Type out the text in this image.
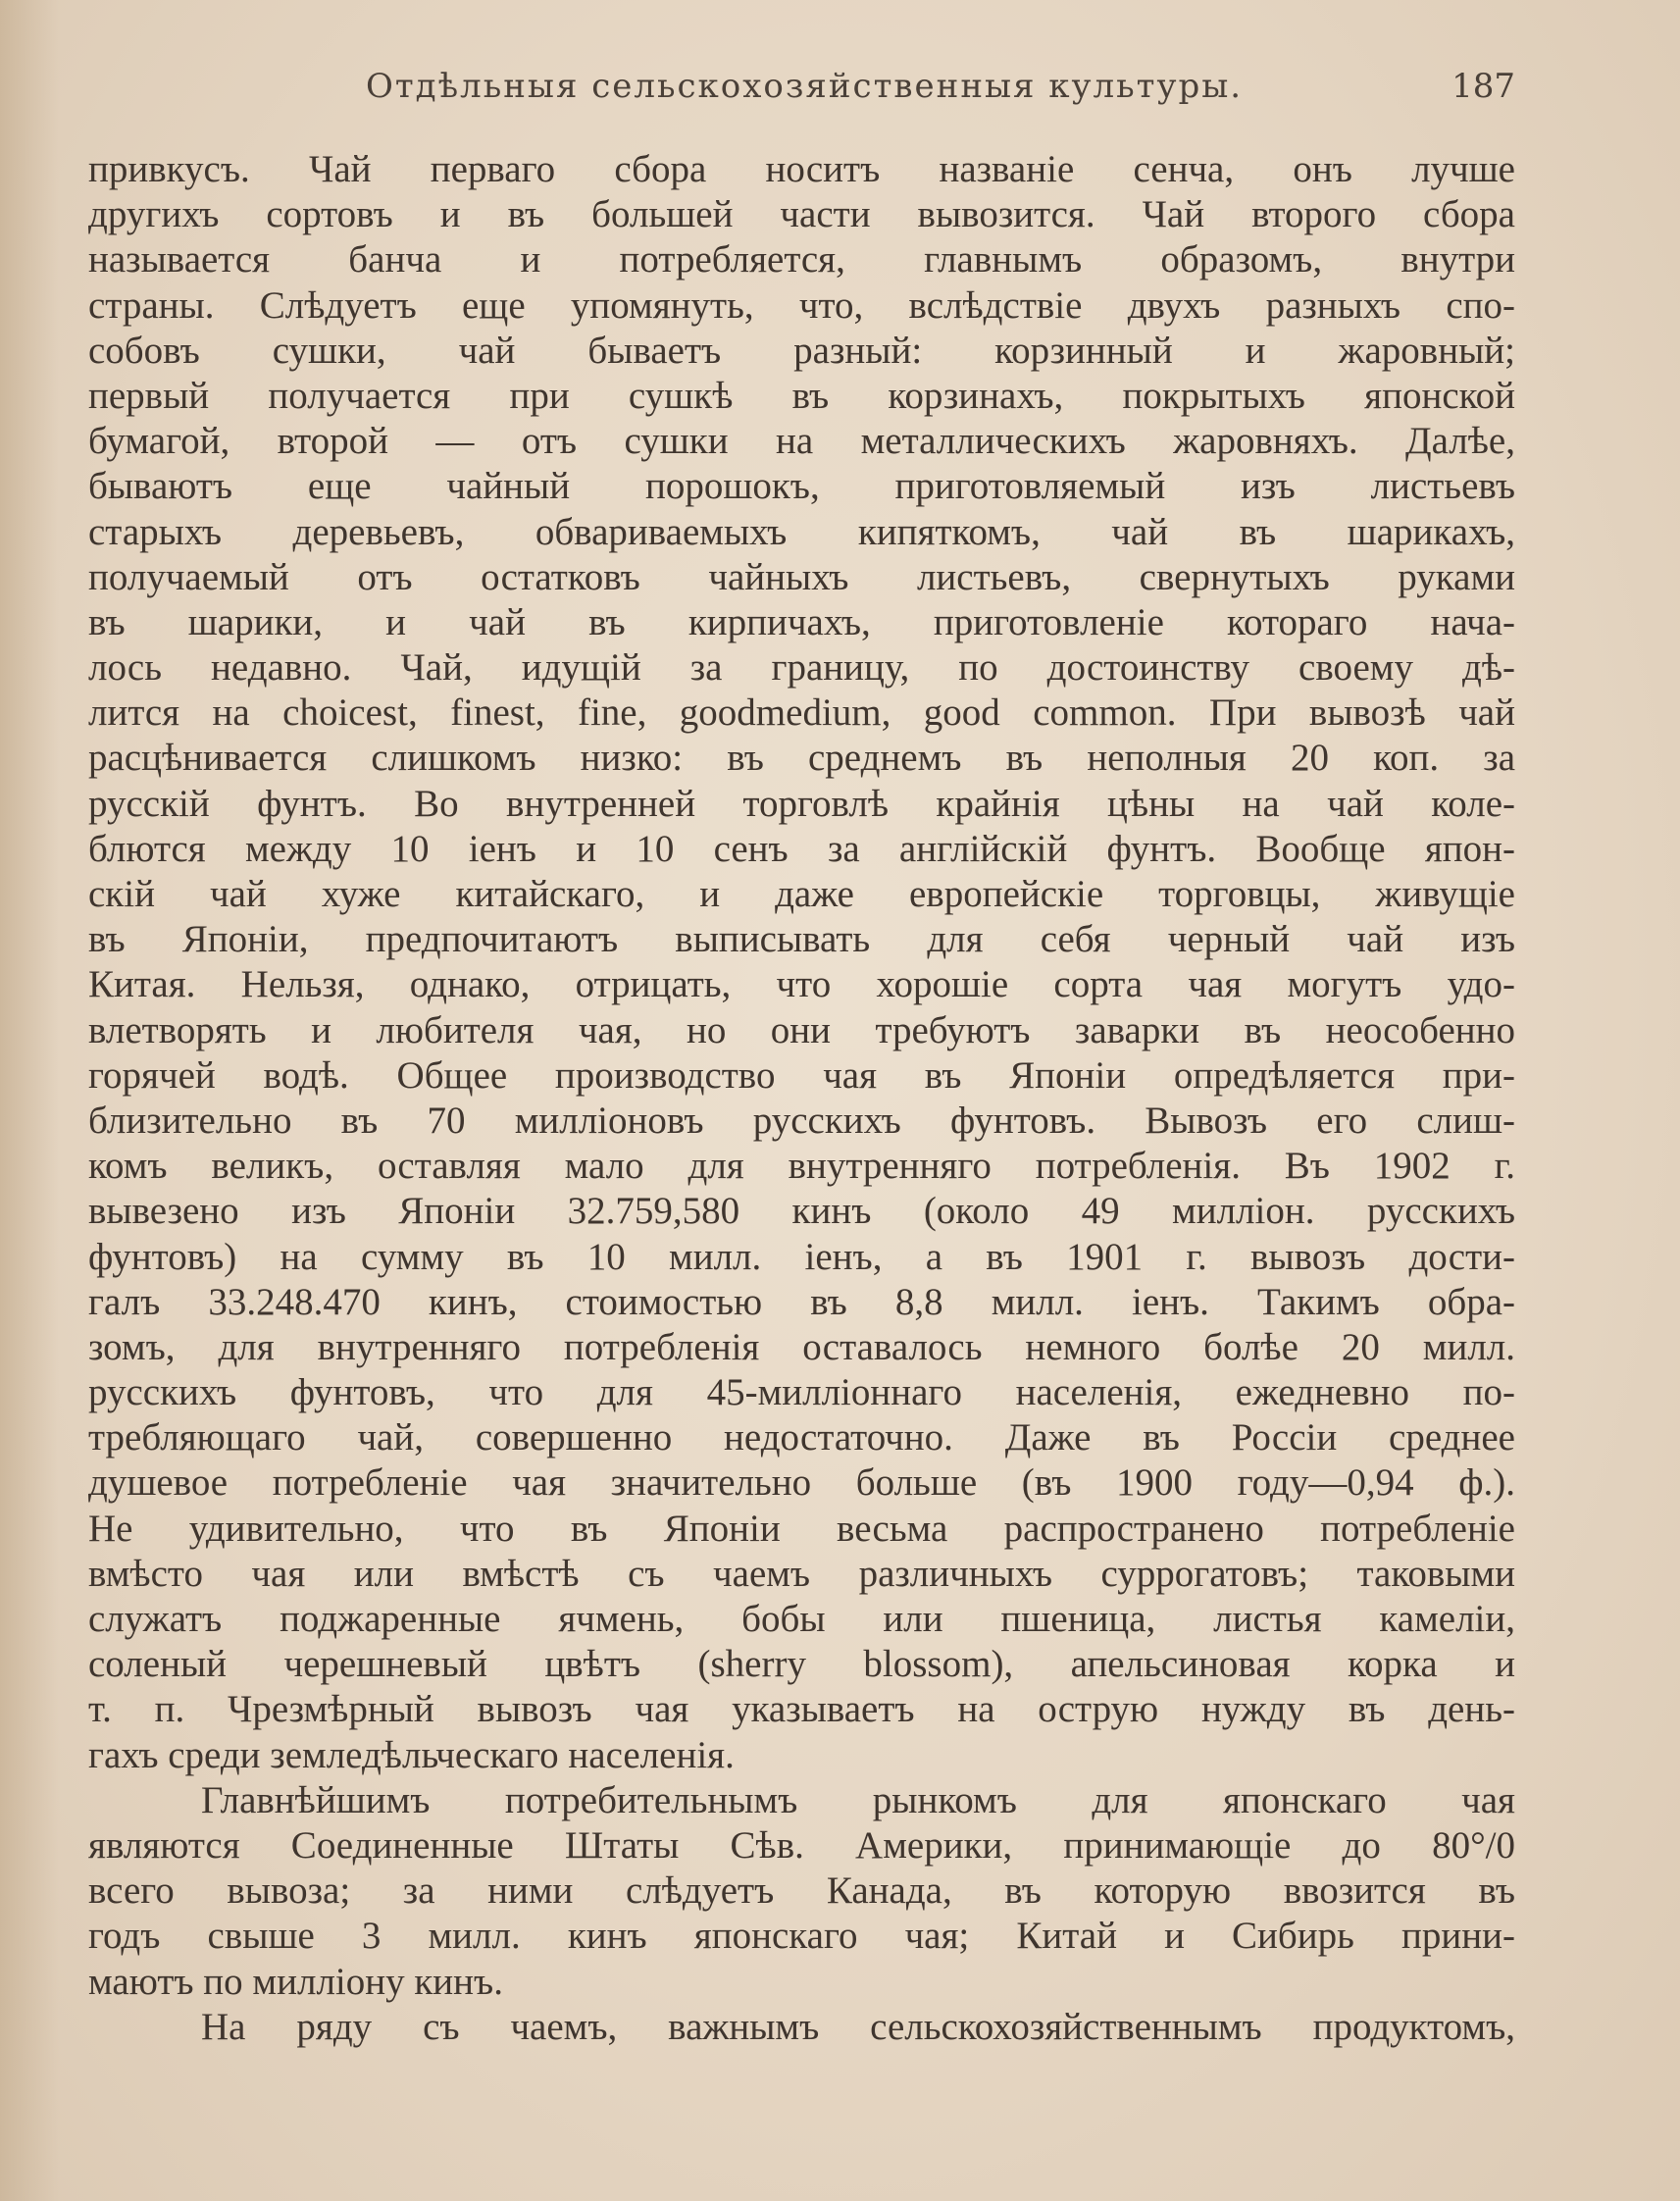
Отдѣльныя сельскохозяйственныя культуры.	187
привкусъ. Чай перваго сбора носитъ названіе сенча, онъ лучше
другихъ сортовъ и въ большей части вывозится. Чай второго сбора
называется банча и потребляется, главнымъ образомъ, внутри
страны. Слѣдуетъ еще упомянуть, что, вслѣдствіе двухъ разныхъ спо-
собовъ сушки, чай бываетъ разный: корзинный и жаровный;
первый получается при сушкѣ въ корзинахъ, покрытыхъ японской
бумагой, второй — отъ сушки на металлическихъ жаровняхъ. Далѣе,
бываютъ еще чайный порошокъ, приготовляемый изъ листьевъ
старыхъ деревьевъ, обвариваемыхъ кипяткомъ, чай въ шарикахъ,
получаемый отъ остатковъ чайныхъ листьевъ, свернутыхъ руками
въ шарики, и чай въ кирпичахъ, приготовленіе котораго нача-
лось недавно. Чай, идущій за границу, по достоинству своему дѣ-
лится на choicest, finest, fine, goodmedium, good common. При вывозѣ чай
расцѣнивается слишкомъ низко: въ среднемъ въ неполныя 20 коп. за
русскій фунтъ. Во внутренней торговлѣ крайнія цѣны на чай коле-
блются между 10 іенъ и 10 сенъ за англійскій фунтъ. Вообще япон-
скій чай хуже китайскаго, и даже европейскіе торговцы, живущіе
въ Японіи, предпочитаютъ выписывать для себя черный чай изъ
Китая. Нельзя, однако, отрицать, что хорошіе сорта чая могутъ удо-
влетворять и любителя чая, но они требуютъ заварки въ неособенно
горячей водѣ. Общее производство чая въ Японіи опредѣляется при-
близительно въ 70 милліоновъ русскихъ фунтовъ. Вывозъ его слиш-
комъ великъ, оставляя мало для внутренняго потребленія. Въ 1902 г.
вывезено изъ Японіи 32.759,580 кинъ (около 49 милліон. русскихъ
фунтовъ) на сумму въ 10 милл. іенъ, а въ 1901 г. вывозъ дости-
галъ 33.248.470 кинъ, стоимостью въ 8,8 милл. іенъ. Такимъ обра-
зомъ, для внутренняго потребленія оставалось немного болѣе 20 милл.
русскихъ фунтовъ, что для 45-милліоннаго населенія, ежедневно по-
требляющаго чай, совершенно недостаточно. Даже въ Россіи среднее
душевое потребленіе чая значительно больше (въ 1900 году—0,94 ф.).
Не удивительно, что въ Японіи весьма распространено потребленіе
вмѣсто чая или вмѣстѣ съ чаемъ различныхъ суррогатовъ; таковыми
служатъ поджаренные ячмень, бобы или пшеница, листья камеліи,
соленый черешневый цвѣтъ (sherry blossom), апельсиновая корка и
т. п. Чрезмѣрный вывозъ чая указываетъ на острую нужду въ день-
гахъ среди земледѣльческаго населенія.
Главнѣйшимъ потребительнымъ рынкомъ для японскаго чая
являются Соединенные Штаты Сѣв. Америки, принимающіе до 80°/0
всего вывоза; за ними слѣдуетъ Канада, въ которую ввозится въ
годъ свыше 3 милл. кинъ японскаго чая; Китай и Сибирь прини-
маютъ по милліону кинъ.
На ряду съ чаемъ, важнымъ сельскохозяйственнымъ продуктомъ,
